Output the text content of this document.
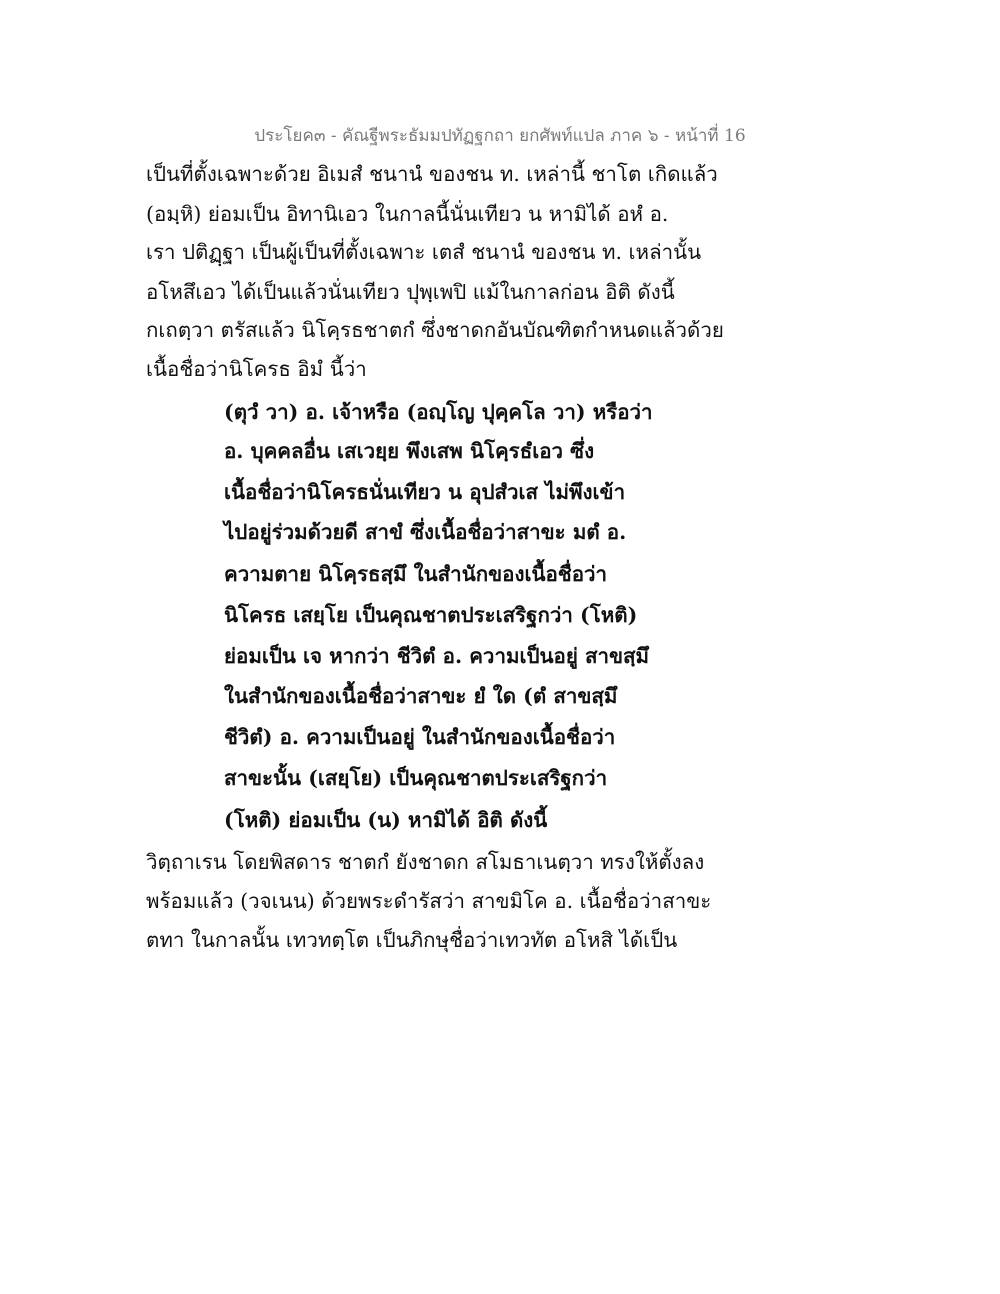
ประโยค๓ - คัณฐีพระธัมมปทัฏฐกถา ยกศัพท์แปล ภาค ๖ - หน้าที่ 16
เป็นที่ตั้งเฉพาะด้วย อิเมสํ ชนานํ ของชน ท. เหล่านี้ ชาโต เกิดแล้ว
(อมฺหิ) ย่อมเป็น อิทานิเอว ในกาลนี้นั่นเทียว น หามิได้ อหํ อ.
เรา ปติฏฺฐา เป็นผู้เป็นที่ตั้งเฉพาะ เตสํ ชนานํ ของชน ท. เหล่านั้น
อโหสึเอว ได้เป็นแล้วนั่นเทียว ปุพฺเพปิ แม้ในกาลก่อน อิติ ดังนี้
กเถตฺวา ตรัสแล้ว นิโคฺรธชาตกํ ซึ่งชาดกอันบัณฑิตกำหนดแล้วด้วย
เนื้อชื่อว่านิโครธ อิมํ นี้ว่า
(ตุวํ วา) อ. เจ้าหรือ (อญฺโญ ปุคฺคโล วา) หรือว่า
อ. บุคคลอื่น เสเวยฺย พึงเสพ นิโคฺรธํเอว ซึ่ง
เนื้อชื่อว่านิโครธนั่นเทียว น อุปสํวเส ไม่พึงเข้า
ไปอยู่ร่วมด้วยดี สาขํ ซึ่งเนื้อชื่อว่าสาขะ มตํ อ.
ความตาย นิโคฺรธสฺมึ ในสำนักของเนื้อชื่อว่า
นิโครธ เสยฺโย เป็นคุณชาตประเสริฐกว่า (โหติ)
ย่อมเป็น เจ หากว่า ชีวิตํ อ. ความเป็นอยู่ สาขสฺมึ
ในสำนักของเนื้อชื่อว่าสาขะ ยํ ใด (ตํ สาขสฺมึ
ชีวิตํ) อ. ความเป็นอยู่ ในสำนักของเนื้อชื่อว่า
สาขะนั้น (เสยฺโย) เป็นคุณชาตประเสริฐกว่า
(โหติ) ย่อมเป็น (น) หามิได้ อิติ ดังนี้
วิตฺถาเรน โดยพิสดาร ชาตกํ ยังชาดก สโมธาเนตฺวา ทรงให้ตั้งลง
พร้อมแล้ว (วจเนน) ด้วยพระดำรัสว่า สาขมิโค อ. เนื้อชื่อว่าสาขะ
ตทา ในกาลนั้น เทวทตฺโต เป็นภิกษุชื่อว่าเทวทัต อโหสิ ได้เป็น
